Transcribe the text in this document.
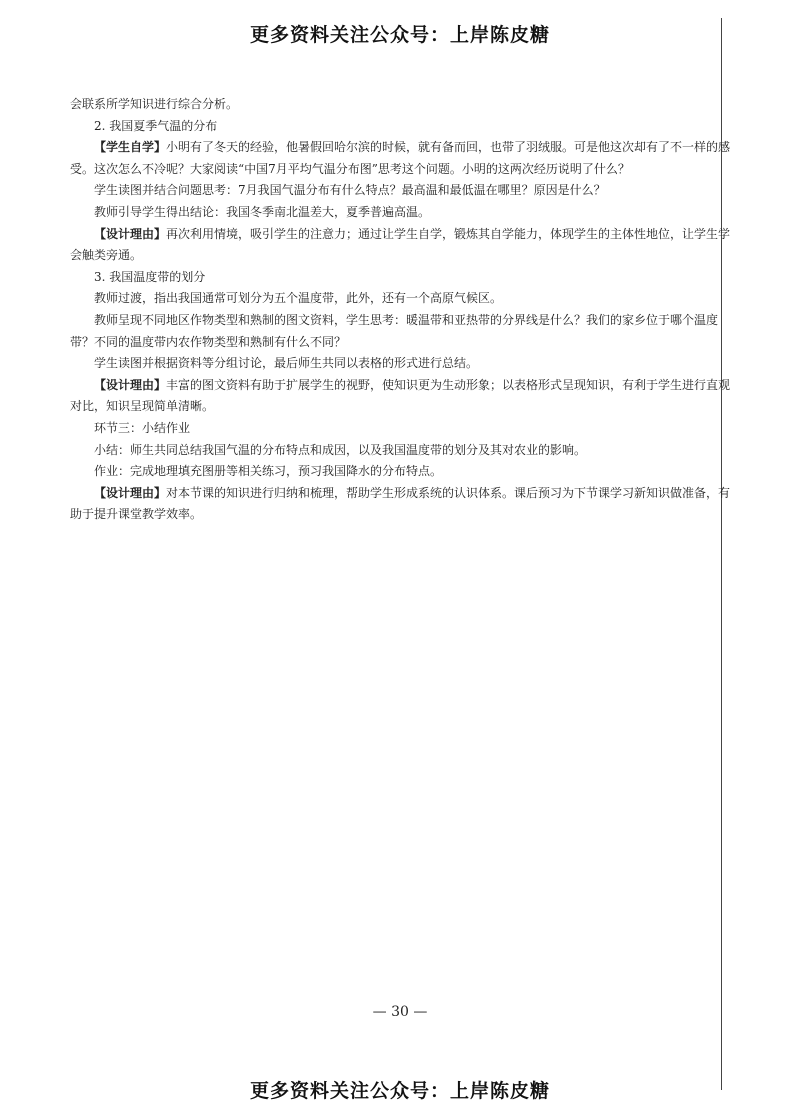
更多资料关注公众号：上岸陈皮糖

会联系所学知识进行综合分析。

2. 我国夏季气温的分布

【学生自学】小明有了冬天的经验，他暑假回哈尔滨的时候，就有备而回，也带了羽绒服。可是他这次却有了不一样的感受。这次怎么不冷呢？大家阅读“中国7月平均气温分布图”思考这个问题。小明的这两次经历说明了什么？

学生读图并结合问题思考：7月我国气温分布有什么特点？最高温和最低温在哪里？原因是什么？

教师引导学生得出结论：我国冬季南北温差大，夏季普遍高温。

【设计理由】再次利用情境，吸引学生的注意力；通过让学生自学，锻炼其自学能力，体现学生的主体性地位，让学生学会触类旁通。

3. 我国温度带的划分

教师过渡，指出我国通常可划分为五个温度带，此外，还有一个高原气候区。

教师呈现不同地区作物类型和熟制的图文资料，学生思考：暖温带和亚热带的分界线是什么？我们的家乡位于哪个温度带？不同的温度带内农作物类型和熟制有什么不同？

学生读图并根据资料等分组讨论，最后师生共同以表格的形式进行总结。

【设计理由】丰富的图文资料有助于扩展学生的视野，使知识更为生动形象；以表格形式呈现知识，有利于学生进行直观对比，知识呈现简单清晰。

环节三：小结作业

小结：师生共同总结我国气温的分布特点和成因，以及我国温度带的划分及其对农业的影响。

作业：完成地理填充图册等相关练习，预习我国降水的分布特点。

【设计理由】对本节课的知识进行归纳和梳理，帮助学生形成系统的认识体系。课后预习为下节课学习新知识做准备，有助于提升课堂教学效率。

— 30 —
更多资料关注公众号：上岸陈皮糖
